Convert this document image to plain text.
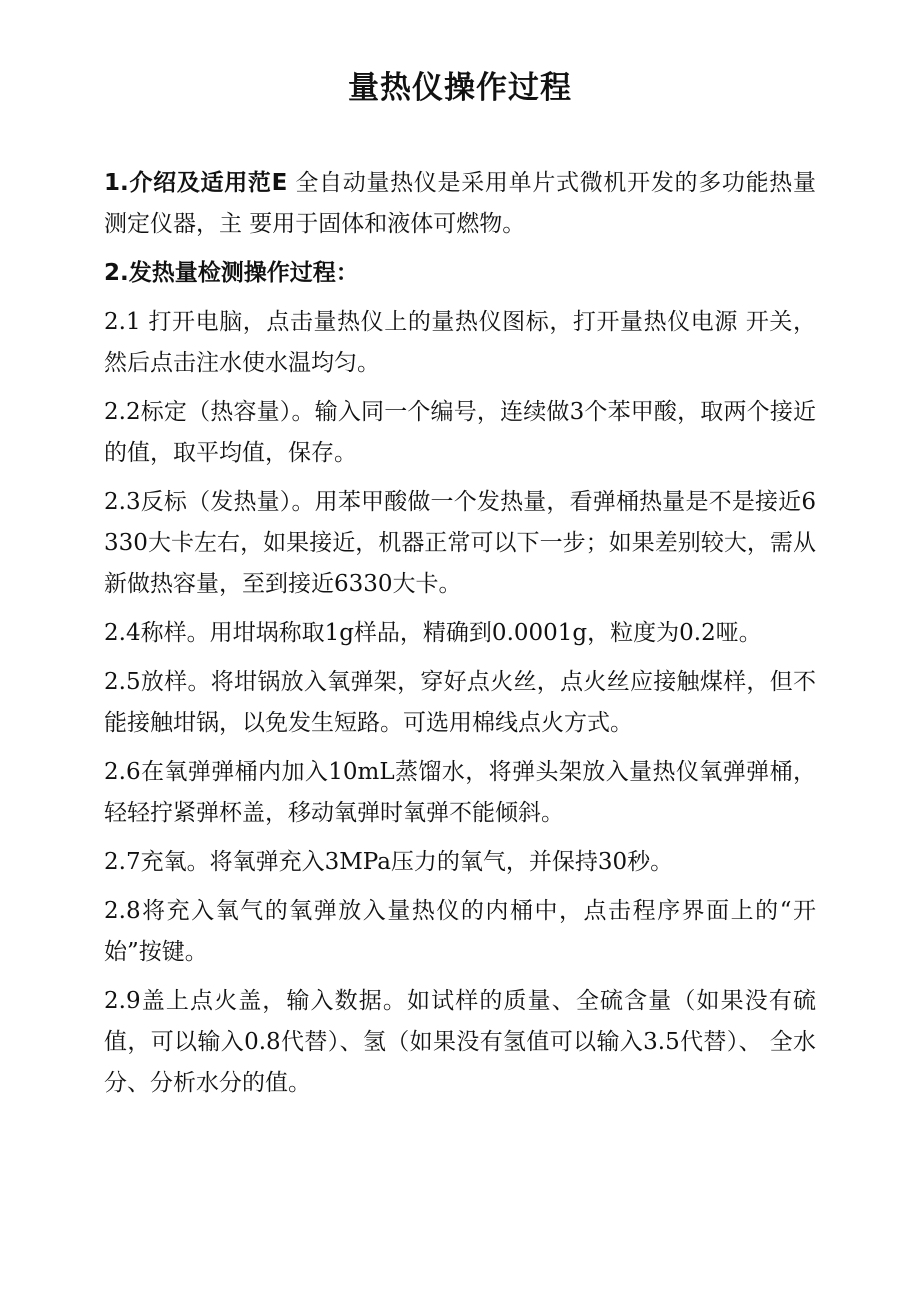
量热仪操作过程

1.介绍及适用范E 全自动量热仪是采用单片式微机开发的多功能热量测定仪器，主 要用于固体和液体可燃物。

2.发热量检测操作过程：

2.1 打开电脑，点击量热仪上的量热仪图标，打开量热仪电源 开关，然后点击注水使水温均匀。

2.2标定（热容量）。输入同一个编号，连续做3个苯甲酸，取两个接近的值，取平均值，保存。

2.3反标（发热量）。用苯甲酸做一个发热量，看弹桶热量是不是接近6330大卡左右，如果接近，机器正常可以下一步；如果差别较大，需从新做热容量，至到接近6330大卡。

2.4称样。用坩埚称取1g样品，精确到0.0001g，粒度为0.2哑。

2.5放样。将坩锅放入氧弹架，穿好点火丝，点火丝应接触煤样，但不能接触坩锅，以免发生短路。可选用棉线点火方式。

2.6在氧弹弹桶内加入10mL蒸馏水，将弹头架放入量热仪氧弹弹桶，轻轻拧紧弹杯盖，移动氧弹时氧弹不能倾斜。

2.7充氧。将氧弹充入3MPa压力的氧气，并保持30秒。

2.8将充入氧气的氧弹放入量热仪的内桶中，点击程序界面上的“开始”按键。

2.9盖上点火盖，输入数据。如试样的质量、全硫含量（如果没有硫值，可以输入0.8代替）、氢（如果没有氢值可以输入3.5代替）、 全水分、分析水分的值。
